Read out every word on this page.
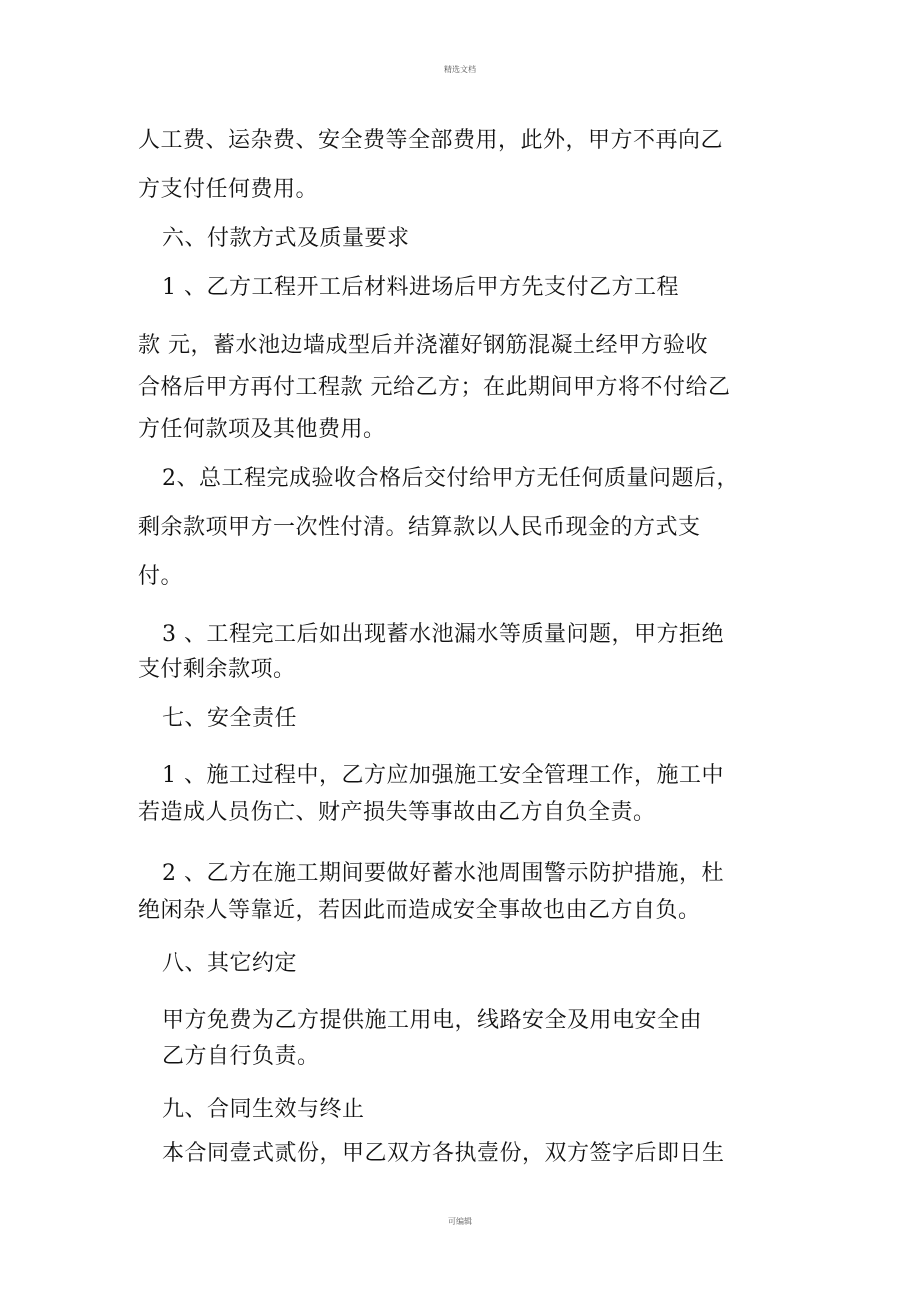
精选文档
人工费、运杂费、安全费等全部费用，此外，甲方不再向乙
方支付任何费用。
六、付款方式及质量要求
1 、乙方工程开工后材料进场后甲方先支付乙方工程
款 元，蓄水池边墙成型后并浇灌好钢筋混凝土经甲方验收
合格后甲方再付工程款 元给乙方；在此期间甲方将不付给乙
方任何款项及其他费用。
2、总工程完成验收合格后交付给甲方无任何质量问题后，
剩余款项甲方一次性付清。结算款以人民币现金的方式支
付。
3 、工程完工后如出现蓄水池漏水等质量问题，甲方拒绝
支付剩余款项。
七、安全责任
1 、施工过程中，乙方应加强施工安全管理工作，施工中
若造成人员伤亡、财产损失等事故由乙方自负全责。
2 、乙方在施工期间要做好蓄水池周围警示防护措施，杜
绝闲杂人等靠近，若因此而造成安全事故也由乙方自负。
八、其它约定
甲方免费为乙方提供施工用电，线路安全及用电安全由
乙方自行负责。
九、合同生效与终止
本合同壹式贰份，甲乙双方各执壹份，双方签字后即日生
可编辑
